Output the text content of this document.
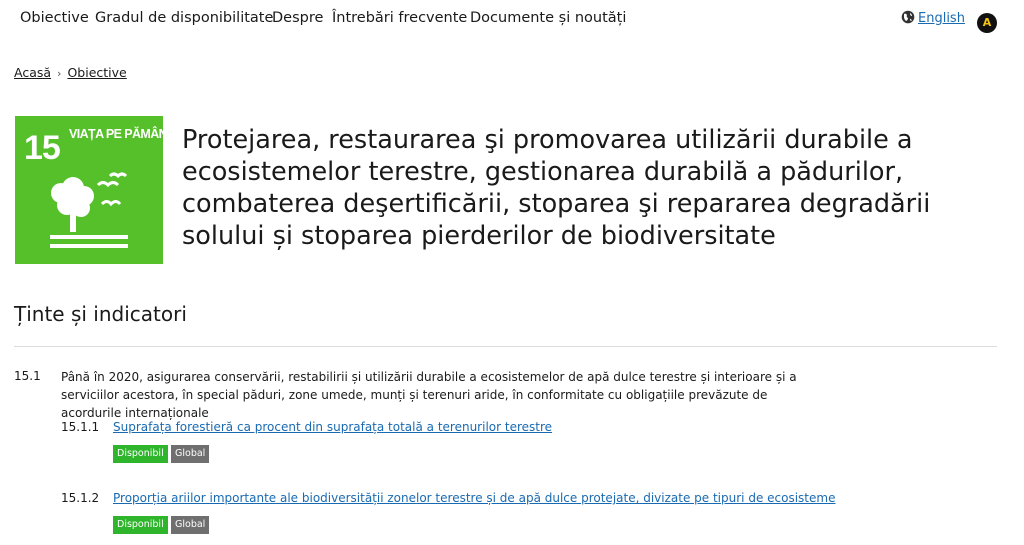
Obiective Gradul de disponibilitate
Despre Întrebări frecvente Documente și noutăți	English	A
Acasă › Obiective
15 VIAȚA PE PĂMÂNT Protejarea, restaurarea şi promovarea utilizării durabile a ecosistemelor terestre, gestionarea durabilă a pădurilor, combaterea deşertificării, stoparea şi repararea degradării solului și stoparea pierderilor de biodiversitate
Ținte și indicatori
15.1 Până în 2020, asigurarea conservării, restabilirii și utilizării durabile a ecosistemelor de apă dulce terestre și interioare și a serviciilor acestora, în special păduri, zone umede, munți și terenuri aride, în conformitate cu obligațiile prevăzute de acordurile internaționale
15.1.1 Suprafața forestieră ca procent din suprafața totală a terenurilor terestre
Disponibil	Global
15.1.2 Proporția ariilor importante ale biodiversității zonelor terestre și de apă dulce protejate, divizate pe tipuri de ecosisteme
Disponibil	Global
